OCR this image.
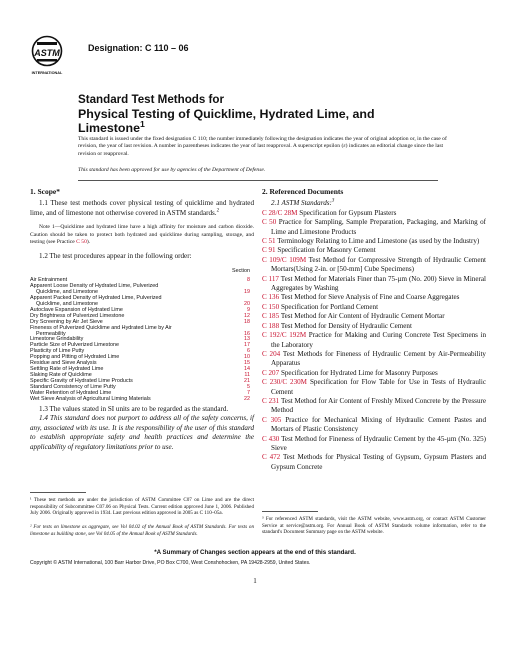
ASTM
INTERNATIONAL
Designation: C 110 – 06
Standard Test Methods for
Physical Testing of Quicklime, Hydrated Lime, and
Limestone$^1$
This standard is issued under the fixed designation C 110; the number immediately following the designation indicates the year of original adoption or, in the case of revision, the year of last revision. A number in parentheses indicates the year of last reapproval. A superscript epsilon (ε) indicates an editorial change since the last revision or reapproval.
This standard has been approved for use by agencies of the Department of Defense.
1. Scope*

1.1 These test methods cover physical testing of quicklime and hydrated lime, and of limestone not otherwise covered in ASTM standards.$^2$

Note 1—Quicklime and hydrated lime have a high affinity for moisture and carbon dioxide. Caution should be taken to protect both hydrated and quicklime during sampling, storage, and testing (see Practice C 50).

1.2 The test procedures appear in the following order:

Section
Air Entrainment	8
Apparent Loose Density of Hydrated Lime, Pulverized	
Quicklime, and Limestone	19
Apparent Packed Density of Hydrated Lime, Pulverized	
Quicklime, and Limestone	20
Autoclave Expansion of Hydrated Lime	9
Dry Brightness of Pulverized Limestone	12
Dry Screening by Air Jet Sieve	18
Fineness of Pulverized Quicklime and Hydrated Lime by Air	
Permeability	16
Limestone Grindability	13
Particle Size of Pulverized Limestone	17
Plasticity of Lime Putty	6
Popping and Pitting of Hydrated Lime	10
Residue and Sieve Analysis	15
Settling Rate of Hydrated Lime	14
Slaking Rate of Quicklime	11
Specific Gravity of Hydrated Lime Products	21
Standard Consistency of Lime Putty	5
Water Retention of Hydrated Lime	7
Wet Sieve Analysis of Agricultural Liming Materials	22

1.3 The values stated in SI units are to be regarded as the standard.

1.4 This standard does not purport to address all of the safety concerns, if any, associated with its use. It is the responsibility of the user of this standard to establish appropriate safety and health practices and determine the applicability of regulatory limitations prior to use.

2. Referenced Documents

2.1 ASTM Standards:$^3$

C 28/C 28M Specification for Gypsum Plasters

C 50 Practice for Sampling, Sample Preparation, Packaging, and Marking of Lime and Limestone Products

C 51 Terminology Relating to Lime and Limestone (as used by the Industry)

C 91 Specification for Masonry Cement

C 109/C 109M Test Method for Compressive Strength of Hydraulic Cement Mortars(Using 2-in. or [50-mm] Cube Specimens)

C 117 Test Method for Materials Finer than 75-µm (No. 200) Sieve in Mineral Aggregates by Washing

C 136 Test Method for Sieve Analysis of Fine and Coarse Aggregates

C 150 Specification for Portland Cement

C 185 Test Method for Air Content of Hydraulic Cement Mortar

C 188 Test Method for Density of Hydraulic Cement

C 192/C 192M Practice for Making and Curing Concrete Test Specimens in the Laboratory

C 204 Test Methods for Fineness of Hydraulic Cement by Air-Permeability Apparatus

C 207 Specification for Hydrated Lime for Masonry Purposes

C 230/C 230M Specification for Flow Table for Use in Tests of Hydraulic Cement

C 231 Test Method for Air Content of Freshly Mixed Concrete by the Pressure Method

C 305 Practice for Mechanical Mixing of Hydraulic Cement Pastes and Mortars of Plastic Consistency

C 430 Test Method for Fineness of Hydraulic Cement by the 45-µm (No. 325) Sieve

C 472 Test Methods for Physical Testing of Gypsum, Gypsum Plasters and Gypsum Concrete

¹ These test methods are under the jurisdiction of ASTM Committee C07 on Lime and are the direct responsibility of Subcommittee C07.06 on Physical Tests. Current edition approved June 1, 2006. Published July 2006. Originally approved in 1934. Last previous edition approved in 2005 as C 110–05a.
² For tests on limestone as aggregate, see Vol 04.02 of the Annual Book of ASTM Standards. For tests on limestone as building stone, see Vol 04.05 of the Annual Book of ASTM Standards.
³ For referenced ASTM standards, visit the ASTM website, www.astm.org, or contact ASTM Customer Service at service@astm.org. For Annual Book of ASTM Standards volume information, refer to the standard's Document Summary page on the ASTM website.
*A Summary of Changes section appears at the end of this standard.
Copyright © ASTM International, 100 Barr Harbor Drive, PO Box C700, West Conshohocken, PA 19428-2959, United States.
1
